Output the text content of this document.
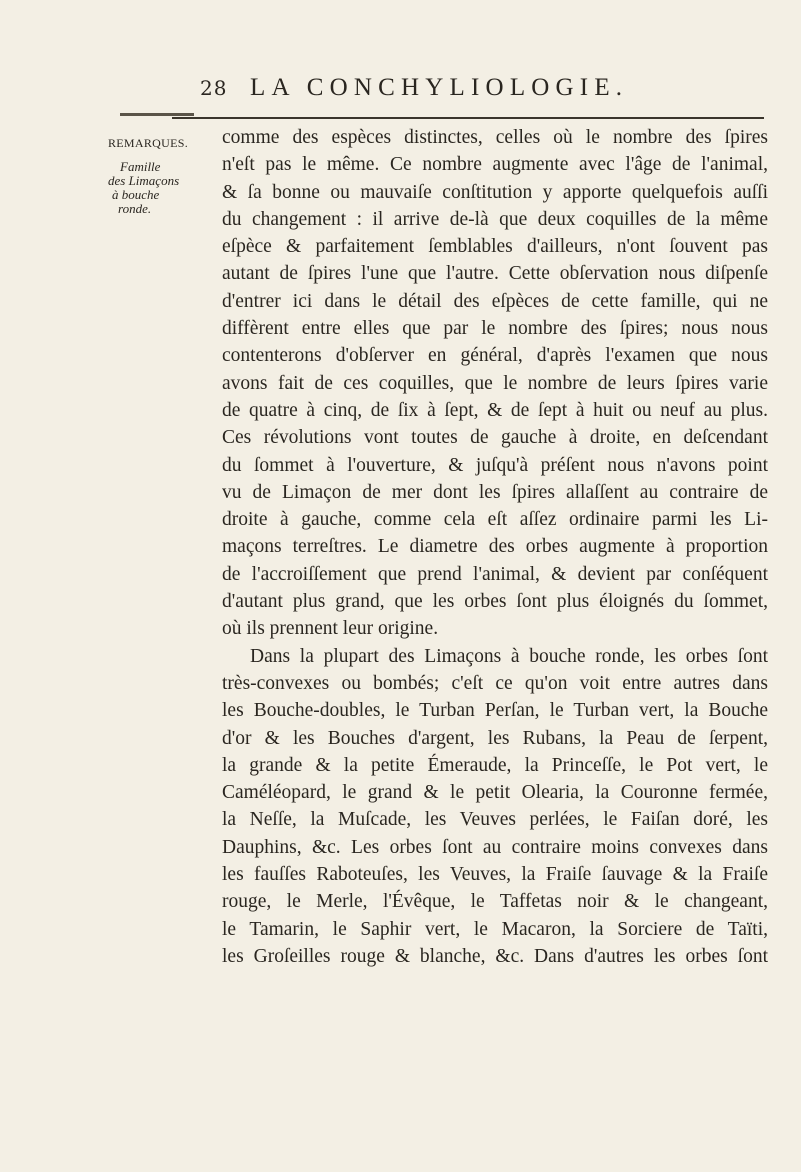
28 LA CONCHYLIOLOGIE.
REMARQUES.
Famille
des Limaçons
à bouche
ronde.
comme des espèces distinctes, celles où le nombre des ſpires
n'eſt pas le même. Ce nombre augmente avec l'âge de l'animal,
& ſa bonne ou mauvaiſe conſtitution y apporte quelquefois auſſi
du changement : il arrive de-là que deux coquilles de la même
eſpèce & parfaitement ſemblables d'ailleurs, n'ont ſouvent pas
autant de ſpires l'une que l'autre. Cette obſervation nous diſpenſe
d'entrer ici dans le détail des eſpèces de cette famille, qui ne
diffèrent entre elles que par le nombre des ſpires; nous nous
contenterons d'obſerver en général, d'après l'examen que nous
avons fait de ces coquilles, que le nombre de leurs ſpires varie
de quatre à cinq, de ſix à ſept, & de ſept à huit ou neuf au plus.
Ces révolutions vont toutes de gauche à droite, en deſcendant
du ſommet à l'ouverture, & juſqu'à préſent nous n'avons point
vu de Limaçon de mer dont les ſpires allaſſent au contraire de
droite à gauche, comme cela eſt aſſez ordinaire parmi les Li-
maçons terreſtres. Le diametre des orbes augmente à proportion
de l'accroiſſement que prend l'animal, & devient par conſéquent
d'autant plus grand, que les orbes ſont plus éloignés du ſommet,
où ils prennent leur origine.
Dans la plupart des Limaçons à bouche ronde, les orbes ſont
très-convexes ou bombés; c'eſt ce qu'on voit entre autres dans
les Bouche-doubles, le Turban Perſan, le Turban vert, la Bouche
d'or & les Bouches d'argent, les Rubans, la Peau de ſerpent,
la grande & la petite Émeraude, la Princeſſe, le Pot vert, le
Caméléopard, le grand & le petit Olearia, la Couronne fermée,
la Neſſe, la Muſcade, les Veuves perlées, le Faiſan doré, les
Dauphins, &c. Les orbes ſont au contraire moins convexes dans
les fauſſes Raboteuſes, les Veuves, la Fraiſe ſauvage & la Fraiſe
rouge, le Merle, l'Évêque, le Taffetas noir & le changeant,
le Tamarin, le Saphir vert, le Macaron, la Sorciere de Taïti,
les Groſeilles rouge & blanche, &c. Dans d'autres les orbes ſont
